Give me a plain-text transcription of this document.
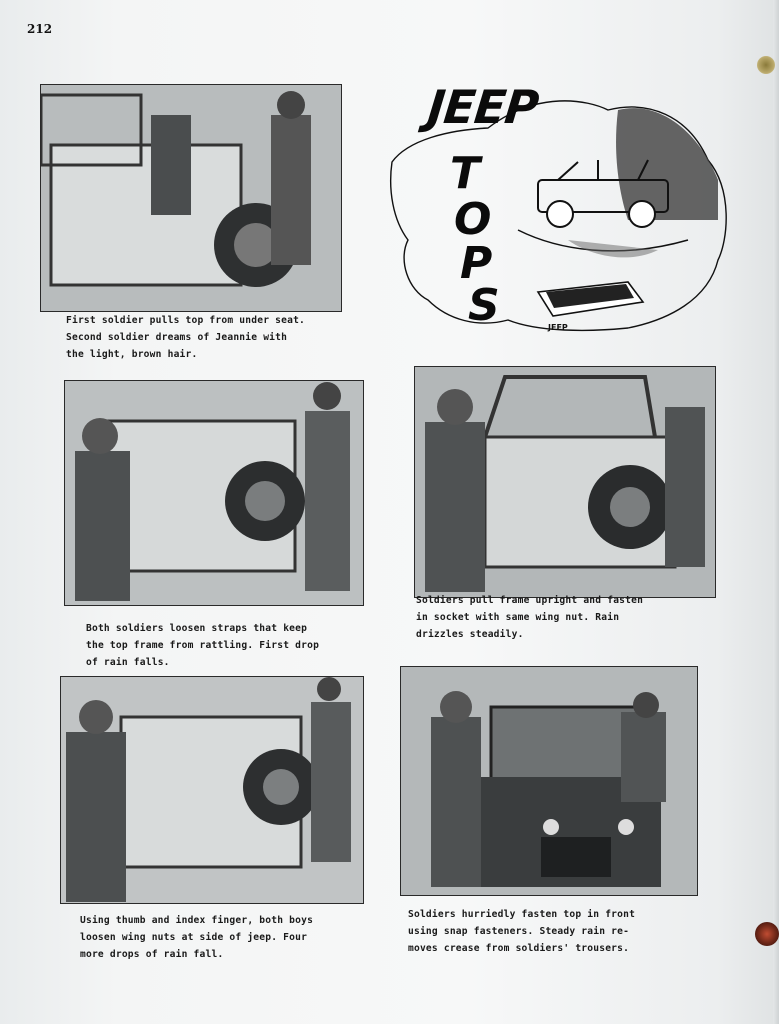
212
JEEP
JEEP
T
O
P
S
First soldier pulls top from under seat.
Second soldier dreams of Jeannie with
the light, brown hair.
Both soldiers loosen straps that keep
the top frame from rattling. First drop
of rain falls.
Soldiers pull frame upright and fasten
in socket with same wing nut. Rain
drizzles steadily.
Using thumb and index finger, both boys
loosen wing nuts at side of jeep. Four
more drops of rain fall.
Soldiers hurriedly fasten top in front
using snap fasteners. Steady rain re-
moves crease from soldiers' trousers.
